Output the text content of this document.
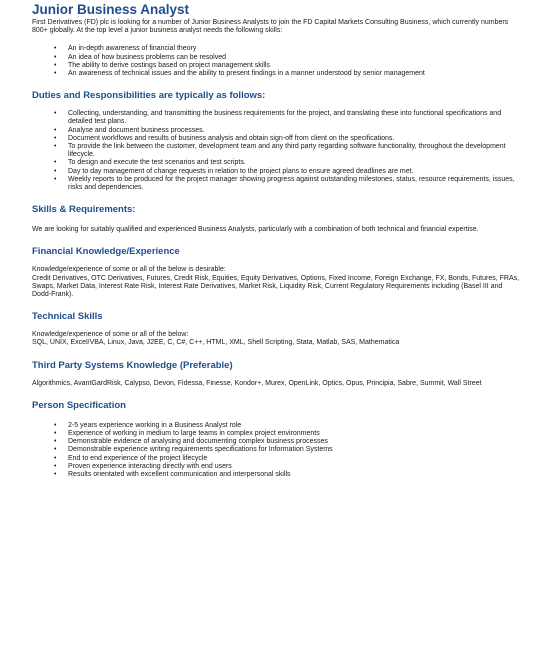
Junior Business Analyst

First Derivatives (FD) plc is looking for a number of Junior Business Analysts to join the FD Capital Markets Consulting Business, which currently numbers 800+ globally. At the top level a junior business analyst needs the following skills:

• An in-depth awareness of financial theory
• An idea of how business problems can be resolved
• The ability to derive costings based on project management skills
• An awareness of technical issues and the ability to present findings in a manner understood by senior management
Duties and Responsibilities are typically as follows:
• Collecting, understanding, and transmitting the business requirements for the project, and translating these into functional specifications and detailed test plans.
• Analyse and document business processes.
• Document workflows and results of business analysis and obtain sign-off from client on the specifications.
• To provide the link between the customer, development team and any third party regarding software functionality, throughout the development lifecycle.
• To design and execute the test scenarios and test scripts.
• Day to day management of change requests in relation to the project plans to ensure agreed deadlines are met.
• Weekly reports to be produced for the project manager showing progress against outstanding milestones, status, resource requirements, issues, risks and dependencies.
Skills & Requirements:

We are looking for suitably qualified and experienced Business Analysts, particularly with a combination of both technical and financial expertise.

Financial Knowledge/Experience

Knowledge/experience of some or all of the below is desirable:

Credit Derivatives, OTC Derivatives, Futures, Credit Risk, Equities, Equity Derivatives, Options, Fixed Income, Foreign Exchange, FX, Bonds, Futures, FRAs, Swaps, Market Data, Interest Rate Risk, Interest Rate Derivatives, Market Risk, Liquidity Risk, Current Regulatory Requirements including (Basel III and Dodd-Frank).

Technical Skills

Knowledge/experience of some or all of the below:

SQL, UNIX, Excel/VBA, Linux, Java, J2EE, C, C#, C++, HTML, XML, Shell Scripting, Stata, Matlab, SAS, Mathematica

Third Party Systems Knowledge (Preferable)

Algorithmics, AvantGardRisk, Calypso, Devon, Fidessa, Finesse, Kondor+, Murex, OpenLink, Optics, Opus, Principia, Sabre, Summit, Wall Street

Person Specification
• 2-5 years experience working in a Business Analyst role
• Experience of working in medium to large teams in complex project environments
• Demonstrable evidence of analysing and documenting complex business processes
• Demonstrable experience writing requirements specifications for Information Systems
• End to end experience of the project lifecycle
• Proven experience interacting directly with end users
• Results orientated with excellent communication and interpersonal skills
